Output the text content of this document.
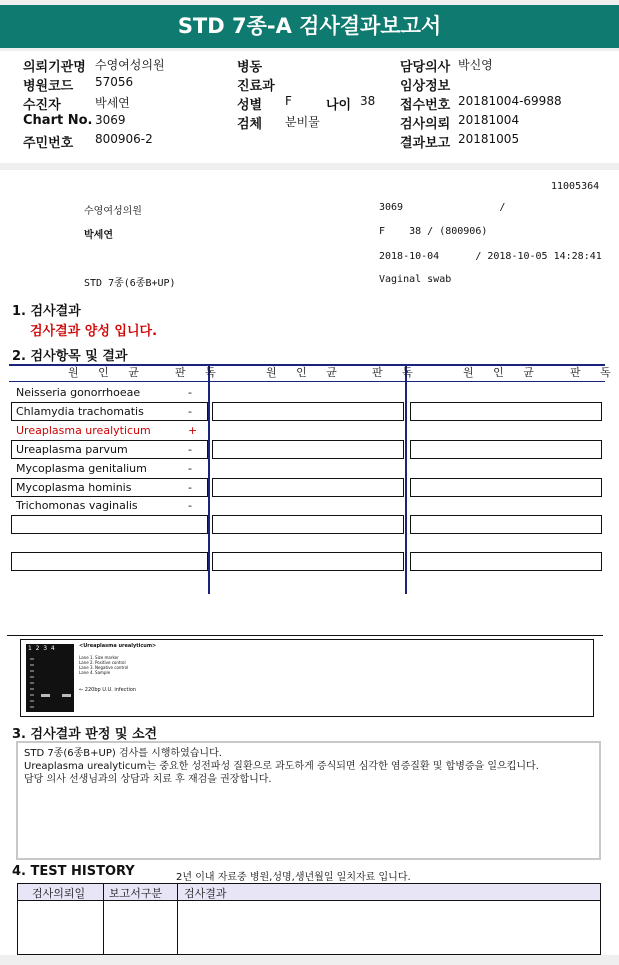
STD 7종-A 검사결과보고서
의뢰기관명 수영여성의원	병동	담당의사 박신영
병원코드 57056	진료과	임상정보
수진자	박세연	성별 F	나이 38 접수번호 20181004-69988
Chart No. 3069	검체 분비물	검사의뢰 20181004
주민번호 800906-2	결과보고 20181005
11005364
수영여성의원	3069                /
박세연	F    38 / (800906)
2018-10-04      / 2018-10-05 14:28:41
STD 7종(6종B+UP)	Vaginal swab
1. 검사결과
검사결과 양성 입니다.
2. 검사항목 및 결과
원 인 균	판 독	원 인 균 판 독	원 인 균	판 독
Neisseria gonorrhoeae	-
Chlamydia trachomatis	-
Ureaplasma urealyticum	+
Ureaplasma parvum	-
Mycoplasma genitalium	-
Mycoplasma hominis	-
Trichomonas vaginalis	-
1  2  3  4	<Ureaplasma urealyticum>
Lane 1. Size marker
Lane 2. Positive control
Lane 3. Negative control
Lane 4. Sample
← 220bp U.U. infection
3. 검사결과 판정 및 소견
STD 7종(6종B+UP) 검사를 시행하였습니다.
Ureaplasma urealyticum는 중요한 성전파성 질환으로 과도하게 증식되면 심각한 염증질환 및 합병증을 일으킵니다.
담당 의사 선생님과의 상담과 치료 후 재검을 권장합니다.
4. TEST HISTORY	2년 이내 자료중 병원,성명,생년월일 일치자료 입니다.
검사의뢰일 보고서구분 검사결과
